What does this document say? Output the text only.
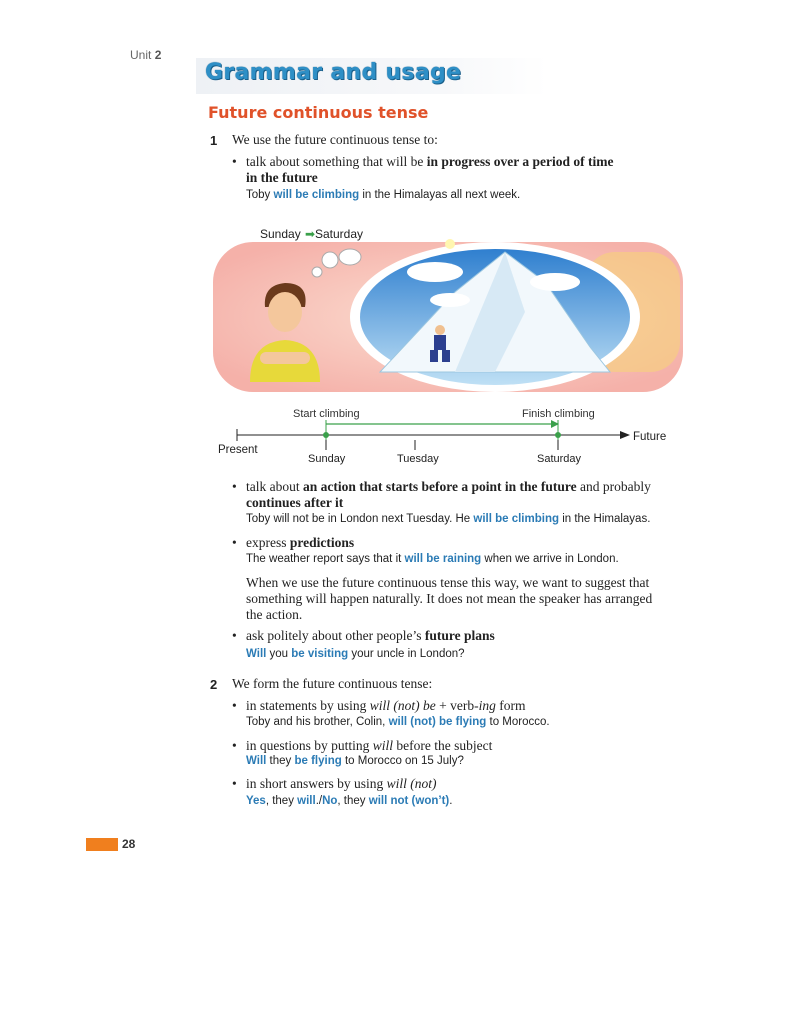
Unit 2
Grammar and usage
Future continuous tense
1 We use the future continuous tense to:
• talk about something that will be in progress over a period of time
in the future
Toby will be climbing in the Himalayas all next week.
Sunday ➡ Saturday
Start climbing	Finish climbing
Present
Future
Sunday	Tuesday	Saturday
• talk about an action that starts before a point in the future and probably
continues after it
Toby will not be in London next Tuesday. He will be climbing in the Himalayas.
• express predictions
The weather report says that it will be raining when we arrive in London.
When we use the future continuous tense this way, we want to suggest that
something will happen naturally. It does not mean the speaker has arranged
the action.
• ask politely about other people’s future plans
Will you be visiting your uncle in London?
2 We form the future continuous tense:
• in statements by using will (not) be + verb-ing form
Toby and his brother, Colin, will (not) be flying to Morocco.
• in questions by putting will before the subject
Will they be flying to Morocco on 15 July?
• in short answers by using will (not)
Yes, they will./No, they will not (won’t).
28
